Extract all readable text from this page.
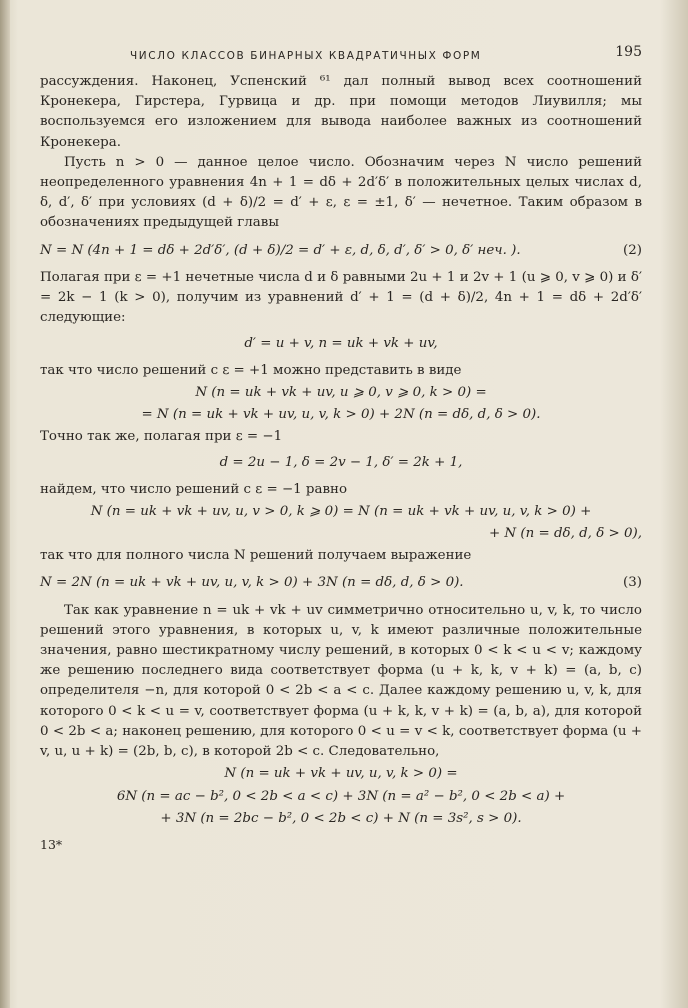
ЧИСЛО КЛАССОВ БИНАРНЫХ КВАДРАТИЧНЫХ ФОРМ	195

рассуждения. Наконец, Успенский ⁶¹ дал полный вывод всех соотношений Кронекера, Гирстера, Гурвица и др. при помощи методов Лиувилля; мы воспользуемся его изложением для вывода наиболее важных из соотношений Кронекера.

Пусть n > 0 — данное целое число. Обозначим через N число решений неопределенного уравнения 4n + 1 = dδ + 2d′δ′ в положительных целых числах d, δ, d′, δ′ при условиях (d + δ)/2 = d′ + ε, ε = ±1, δ′ — нечетное. Таким образом в обозначениях предыдущей главы

N = N (4n + 1 = dδ + 2d′δ′, (d + δ)/2 = d′ + ε, d, δ, d′, δ′ > 0, δ′ неч. ).	(2)

Полагая при ε = +1 нечетные числа d и δ равными 2u + 1 и 2v + 1 (u ⩾ 0, v ⩾ 0) и δ′ = 2k − 1 (k > 0), получим из уравнений d′ + 1 = (d + δ)/2, 4n + 1 = dδ + 2d′δ′ следующие:

d′ = u + v, n = uk + vk + uv,

так что число решений с ε = +1 можно представить в виде

N (n = uk + vk + uv, u ⩾ 0, v ⩾ 0, k > 0) =
= N (n = uk + vk + uv, u, v, k > 0) + 2N (n = dδ, d, δ > 0).

Точно так же, полагая при ε = −1

d = 2u − 1, δ = 2v − 1, δ′ = 2k + 1,

найдем, что число решений с ε = −1 равно

N (n = uk + vk + uv, u, v > 0, k ⩾ 0) = N (n = uk + vk + uv, u, v, k > 0) +
+ N (n = dδ, d, δ > 0),

так что для полного числа N решений получаем выражение

N = 2N (n = uk + vk + uv, u, v, k > 0) + 3N (n = dδ, d, δ > 0).	(3)

Так как уравнение n = uk + vk + uv симметрично относительно u, v, k, то число решений этого уравнения, в которых u, v, k имеют различные положительные значения, равно шестикратному числу решений, в которых 0 < k < u < v; каждому же решению последнего вида соответствует форма (u + k, k, v + k) = (a, b, c) определителя −n, для которой 0 < 2b < a < c. Далее каждому решению u, v, k, для которого 0 < k < u = v, соответствует форма (u + k, k, v + k) = (a, b, a), для которой 0 < 2b < a; наконец решению, для которого 0 < u = v < k, соответствует форма (u + v, u, u + k) = (2b, b, c), в которой 2b < c. Следовательно,

N (n = uk + vk + uv, u, v, k > 0) =
6N (n = ac − b², 0 < 2b < a < c) + 3N (n = a² − b², 0 < 2b < a) +
+ 3N (n = 2bc − b², 0 < 2b < c) + N (n = 3s², s > 0).
13*
